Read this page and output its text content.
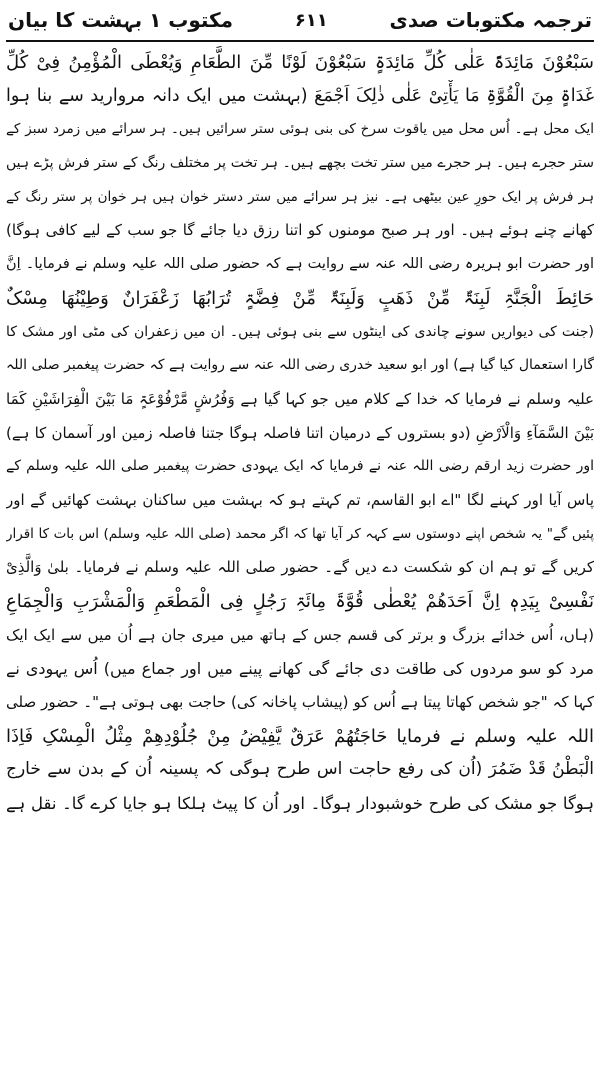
ترجمہ مکتوبات صدی
۶۱۱
مکتوب ۱ بہشت کا بیان
سَبْعُوْنَ مَائِدَۃً عَلٰی کُلِّ مَائِدَۃٍ سَبْعُوْنَ لَوْنًا مِّنَ الطَّعَامِ وَیُعْطَی الْمُؤْمِنُ فِیْ کُلِّ
غَدَاۃٍ مِنَ الْقُوَّۃِ مَا یَأْتِیْ عَلٰی ذٰلِکَ اَجْمَعَ (بہشت میں ایک دانہ مروارید سے بنا ہوا
ایک محل ہے۔ اُس محل میں یاقوت سرخ کی بنی ہوئی ستر سرائیں ہیں۔ ہر سرائے میں زمرد سبز کے
ستر حجرے ہیں۔ ہر حجرے میں ستر تخت بچھے ہیں۔ ہر تخت پر مختلف رنگ کے ستر فرش پڑے ہیں
ہر فرش پر ایک حورِ عین بیٹھی ہے۔ نیز ہر سرائے میں ستر دستر خوان ہیں ہر خوان پر ستر رنگ کے
کھانے چنے ہوئے ہیں۔ اور ہر صبح مومنوں کو اتنا رزق دیا جائے گا جو سب کے لیے کافی ہوگا)
اور حضرت ابو ہریرہ رضی اللہ عنہ سے روایت ہے کہ حضور صلی اللہ علیہ وسلم نے فرمایا۔ اِنَّ
حَائِطَ الْجَنَّۃِ لَبِنَۃٌ مِّنْ ذَھَبٍ وَلَبِنَۃٌ مِّنْ فِضَّۃٍ تُرَابُھَا زَعْفَرَانٌ وَطِیْنُھَا مِسْکٌ
(جنت کی دیواریں سونے چاندی کی اینٹوں سے بنی ہوئی ہیں۔ ان میں زعفران کی مٹی اور مشک کا
گارا استعمال کیا گیا ہے) اور ابو سعید خدری رضی اللہ عنہ سے روایت ہے کہ حضرت پیغمبر صلی اللہ
علیہ وسلم نے فرمایا کہ خدا کے کلام میں جو کہا گیا ہے وَفُرُشٍ مَّرْفُوْعَۃٍ مَا بَیْنَ الْفِرَاشَیْنِ کَمَا
بَیْنَ السَّمَآءِ وَالْاَرْضِ (دو بستروں کے درمیان اتنا فاصلہ ہوگا جتنا فاصلہ زمین اور آسمان کا ہے)
اور حضرت زید ارقم رضی اللہ عنہ نے فرمایا کہ ایک یہودی حضرت پیغمبر صلی اللہ علیہ وسلم کے
پاس آیا اور کہنے لگا "اے ابو القاسم، تم کہتے ہو کہ بہشت میں ساکنان بہشت کھائیں گے اور
پئیں گے" یہ شخص اپنے دوستوں سے کہہ کر آیا تھا کہ اگر محمد (صلی اللہ علیہ وسلم) اس بات کا اقرار
کریں گے تو ہم ان کو شکست دے دیں گے۔ حضور صلی اللہ علیہ وسلم نے فرمایا۔ بلیٰ وَالَّذِیْ
نَفْسِیْ بِیَدِہٖ اِنَّ اَحَدَھُمْ یُعْطٰی قُوَّۃَ مِائَۃِ رَجُلٍ فِی الْمَطْعَمِ وَالْمَشْرَبِ وَالْجِمَاعِ
(ہاں، اُس خدائے بزرگ و برتر کی قسم جس کے ہاتھ میں میری جان ہے اُن میں سے ایک ایک
مرد کو سو مردوں کی طاقت دی جائے گی کھانے پینے میں اور جماع میں) اُس یہودی نے
کہا کہ "جو شخص کھاتا پیتا ہے اُس کو (پیشاب پاخانہ کی) حاجت بھی ہوتی ہے"۔ حضور صلی
اللہ علیہ وسلم نے فرمایا حَاجَتُھُمْ عَرَقٌ یَّفِیْضُ مِنْ جُلُوْدِھِمْ مِثْلُ الْمِسْکِ فَاِذَا
الْبَطْنُ قَدْ ضَمُرَ (اُن کی رفع حاجت اس طرح ہوگی کہ پسینہ اُن کے بدن سے خارج
ہوگا جو مشک کی طرح خوشبودار ہوگا۔ اور اُن کا پیٹ ہلکا ہو جایا کرے گا۔ نقل ہے
